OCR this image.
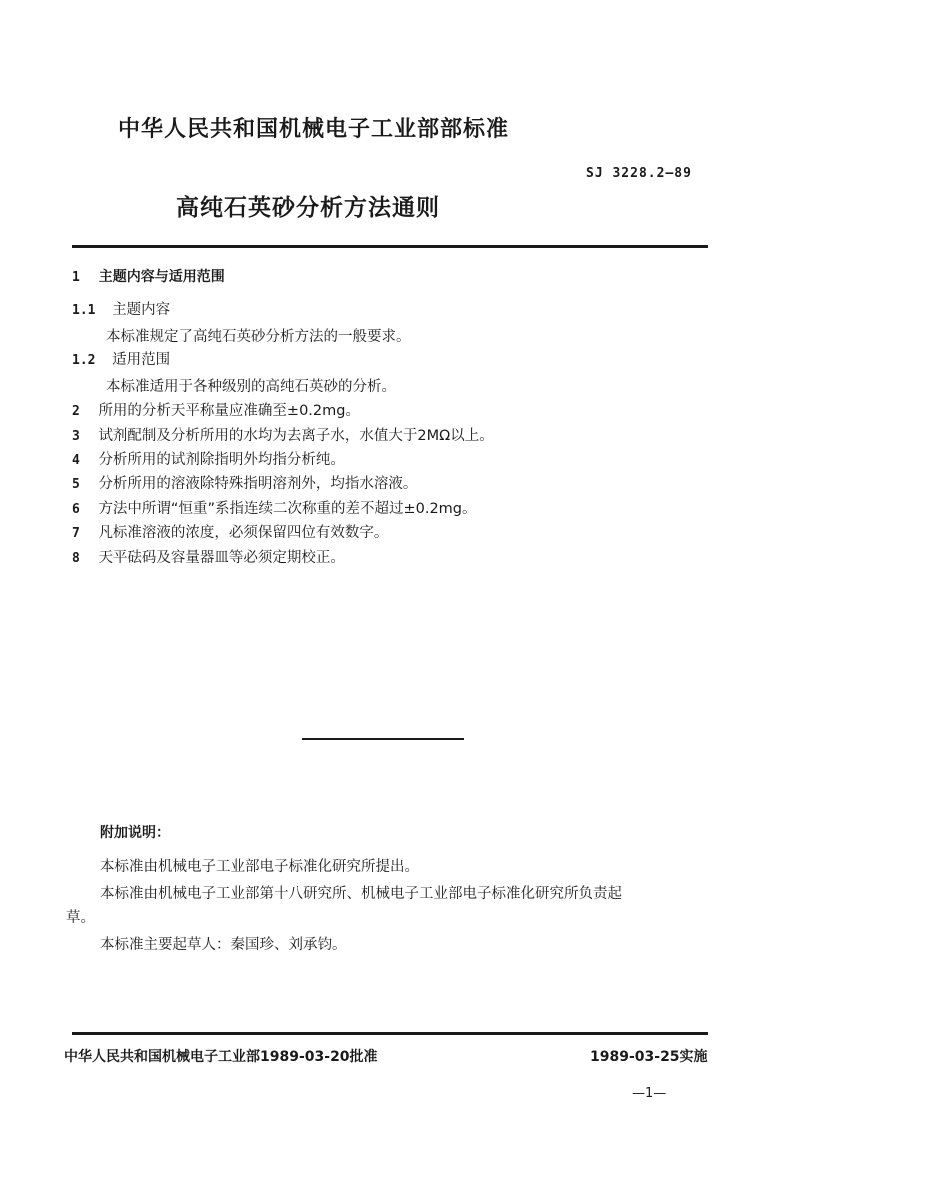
中华人民共和国机械电子工业部部标准
SJ 3228.2—89
高纯石英砂分析方法通则
1 主题内容与适用范围
1.1 主题内容
本标准规定了高纯石英砂分析方法的一般要求。
1.2 适用范围
本标准适用于各种级别的高纯石英砂的分析。
2 所用的分析天平称量应准确至±0.2mg。
3 试剂配制及分析所用的水均为去离子水，水值大于2MΩ以上。
4 分析所用的试剂除指明外均指分析纯。
5 分析所用的溶液除特殊指明溶剂外，均指水溶液。
6 方法中所谓“恒重”系指连续二次称重的差不超过±0.2mg。
7 凡标准溶液的浓度，必须保留四位有效数字。
8 天平砝码及容量器皿等必须定期校正。
附加说明：
本标准由机械电子工业部电子标准化研究所提出。
本标准由机械电子工业部第十八研究所、机械电子工业部电子标准化研究所负责起
草。
本标准主要起草人：秦国珍、刘承钧。
中华人民共和国机械电子工业部1989-03-20批准	1989-03-25实施
—1—
